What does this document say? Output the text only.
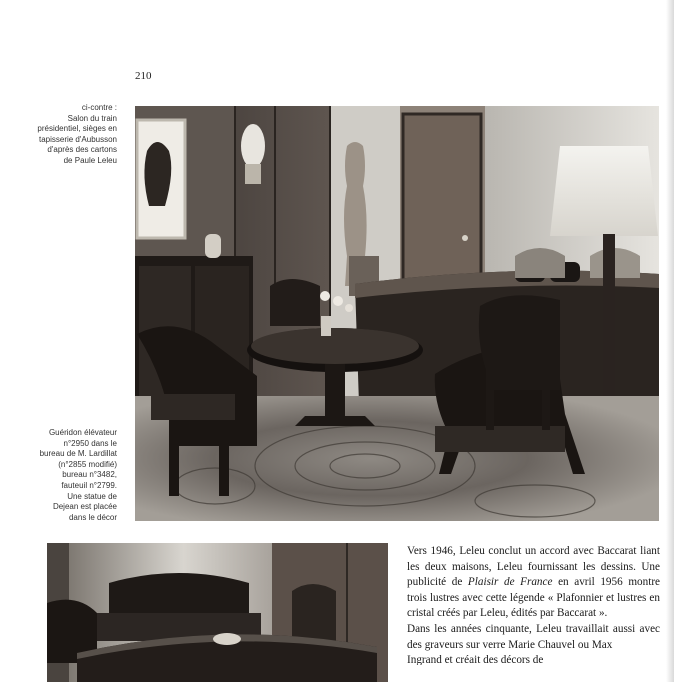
210
ci-contre :
Salon du train
présidentiel, sièges en
tapisserie d'Aubusson
d'après des cartons
de Paule Leleu
Guéridon élévateur
n°2950 dans le
bureau de M. Lardillat
(n°2855 modifié)
bureau n°3482,
fauteuil n°2799.
Une statue de
Dejean est placée
dans le décor

Vers 1946, Leleu conclut un accord avec Baccarat liant les deux maisons, Leleu fournissant les dessins. Une publicité de Plaisir de France en avril 1956 montre trois lustres avec cette légende « Plafonnier et lustres en cristal créés par Leleu, édités par Baccarat ».

Dans les années cinquante, Leleu travaillait aussi avec des graveurs sur verre Marie Chauvel ou Max

Ingrand et créait des décors de
